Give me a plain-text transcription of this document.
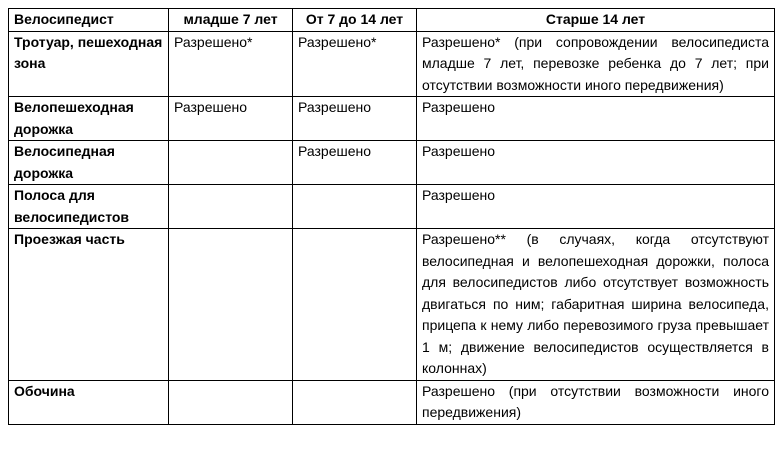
Велосипедист	младше 7 лет	От 7 до 14 лет	Старше 14 лет
Тротуар, пешеходная зона	Разрешено*	Разрешено*	Разрешено* (при сопровождении велосипедиста младше 7 лет, перевозке ребенка до 7 лет; при отсутствии возможности иного передвижения)
Велопешеходная дорожка	Разрешено	Разрешено	Разрешено
Велосипедная дорожка		Разрешено	Разрешено
Полоса для велосипедистов			Разрешено
Проезжая часть			Разрешено** (в случаях, когда отсутствуют велосипедная и велопешеходная дорожки, полоса для велосипедистов либо отсутствует возможность двигаться по ним; габаритная ширина велосипеда, прицепа к нему либо перевозимого груза превышает 1 м; движение велосипедистов осуществляется в колоннах)
Обочина			Разрешено (при отсутствии возможности иного передвижения)
